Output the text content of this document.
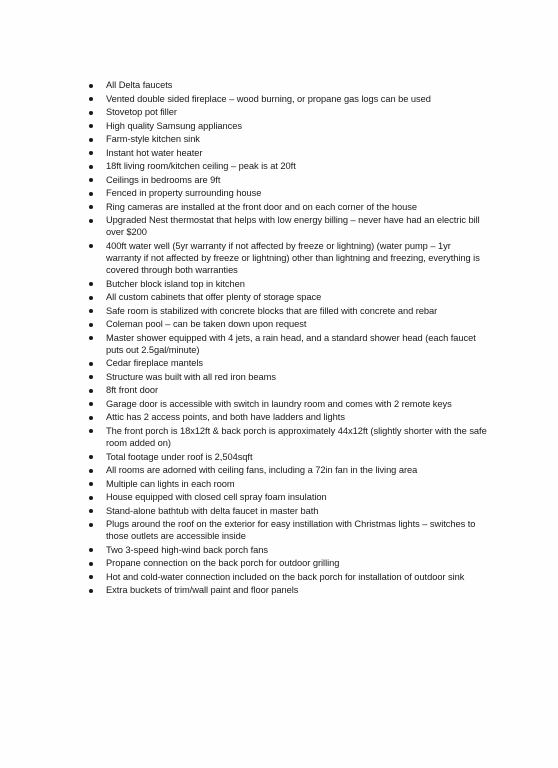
All Delta faucets
Vented double sided fireplace – wood burning, or propane gas logs can be used
Stovetop pot filler
High quality Samsung appliances
Farm-style kitchen sink
Instant hot water heater
18ft living room/kitchen ceiling – peak is at 20ft
Ceilings in bedrooms are 9ft
Fenced in property surrounding house
Ring cameras are installed at the front door and on each corner of the house
Upgraded Nest thermostat that helps with low energy billing – never have had an electric bill over $200
400ft water well (5yr warranty if not affected by freeze or lightning) (water pump – 1yr warranty if not affected by freeze or lightning) other than lightning and freezing, everything is covered through both warranties
Butcher block island top in kitchen
All custom cabinets that offer plenty of storage space
Safe room is stabilized with concrete blocks that are filled with concrete and rebar
Coleman pool – can be taken down upon request
Master shower equipped with 4 jets, a rain head, and a standard shower head (each faucet puts out 2.5gal/minute)
Cedar fireplace mantels
Structure was built with all red iron beams
8ft front door
Garage door is accessible with switch in laundry room and comes with 2 remote keys
Attic has 2 access points, and both have ladders and lights
The front porch is 18x12ft & back porch is approximately 44x12ft (slightly shorter with the safe room added on)
Total footage under roof is 2,504sqft
All rooms are adorned with ceiling fans, including a 72in fan in the living area
Multiple can lights in each room
House equipped with closed cell spray foam insulation
Stand-alone bathtub with delta faucet in master bath
Plugs around the roof on the exterior for easy instillation with Christmas lights – switches to those outlets are accessible inside
Two 3-speed high-wind back porch fans
Propane connection on the back porch for outdoor grilling
Hot and cold-water connection included on the back porch for installation of outdoor sink
Extra buckets of trim/wall paint and floor panels
